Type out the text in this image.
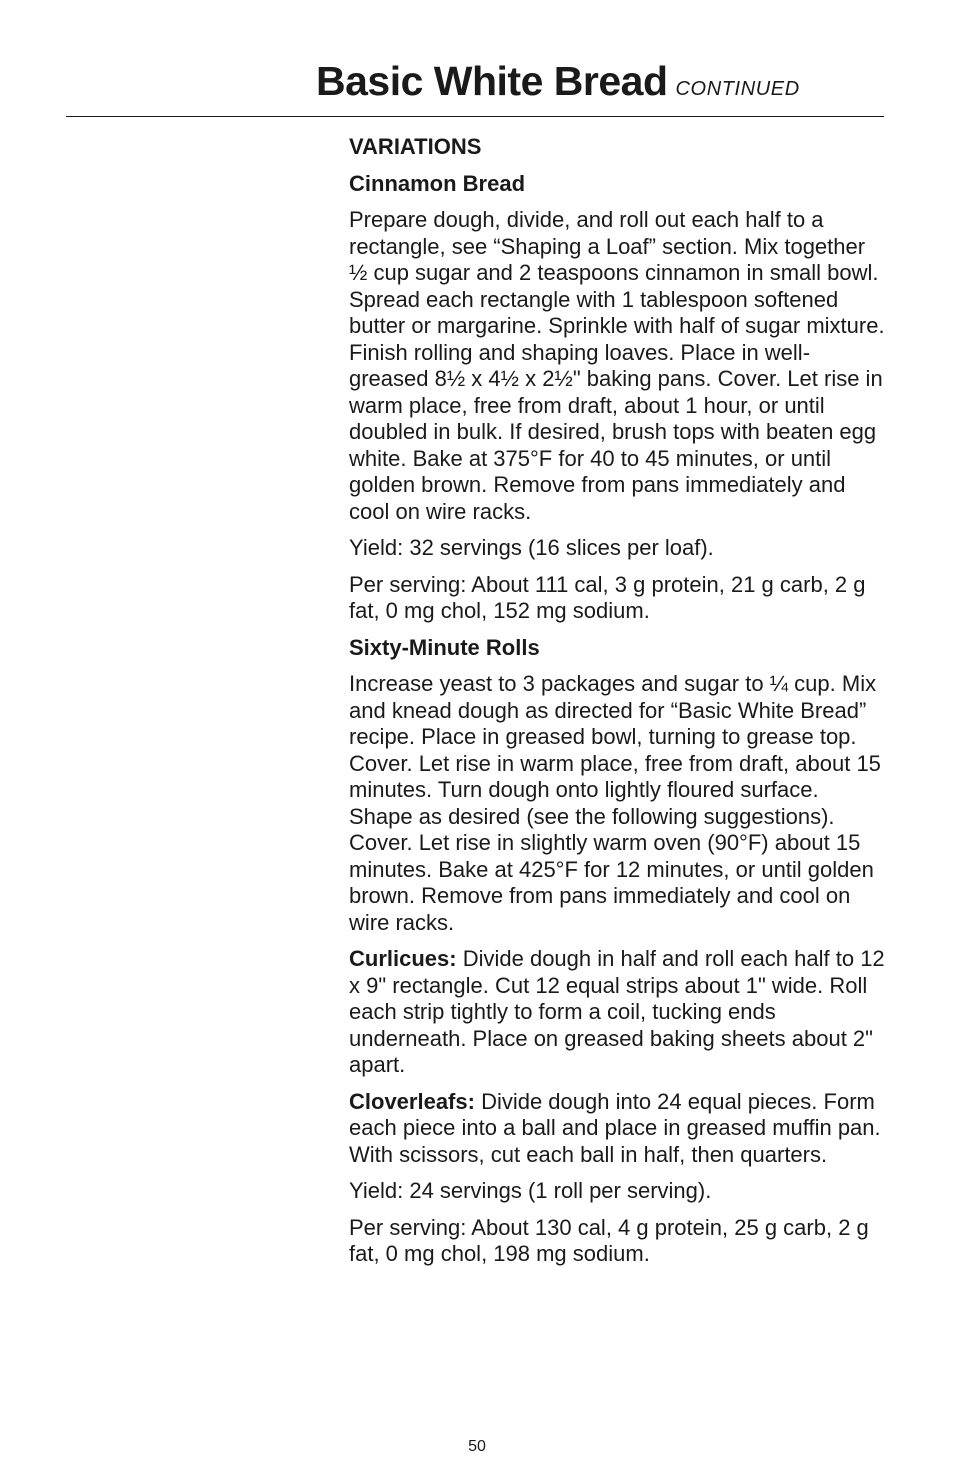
Basic White Bread CONTINUED

VARIATIONS

Cinnamon Bread

Prepare dough, divide, and roll out each half to a rectangle, see “Shaping a Loaf” section. Mix together ½ cup sugar and 2 teaspoons cinnamon in small bowl. Spread each rectangle with 1 tablespoon softened butter or margarine. Sprinkle with half of sugar mixture. Finish rolling and shaping loaves. Place in well-greased 8½ x 4½ x 2½" baking pans. Cover. Let rise in warm place, free from draft, about 1 hour, or until doubled in bulk. If desired, brush tops with beaten egg white. Bake at 375°F for 40 to 45 minutes, or until golden brown. Remove from pans immediately and cool on wire racks.

Yield: 32 servings (16 slices per loaf).

Per serving: About 111 cal, 3 g protein, 21 g carb, 2 g fat, 0 mg chol, 152 mg sodium.

Sixty-Minute Rolls

Increase yeast to 3 packages and sugar to ¼ cup. Mix and knead dough as directed for “Basic White Bread” recipe. Place in greased bowl, turning to grease top. Cover. Let rise in warm place, free from draft, about 15 minutes. Turn dough onto lightly floured surface. Shape as desired (see the following suggestions). Cover. Let rise in slightly warm oven (90°F) about 15 minutes. Bake at 425°F for 12 minutes, or until golden brown. Remove from pans immediately and cool on wire racks.

Curlicues: Divide dough in half and roll each half to 12 x 9" rectangle. Cut 12 equal strips about 1" wide. Roll each strip tightly to form a coil, tucking ends underneath. Place on greased baking sheets about 2" apart.

Cloverleafs: Divide dough into 24 equal pieces. Form each piece into a ball and place in greased muffin pan. With scissors, cut each ball in half, then quarters.

Yield: 24 servings (1 roll per serving).

Per serving: About 130 cal, 4 g protein, 25 g carb, 2 g fat, 0 mg chol, 198 mg sodium.

50
